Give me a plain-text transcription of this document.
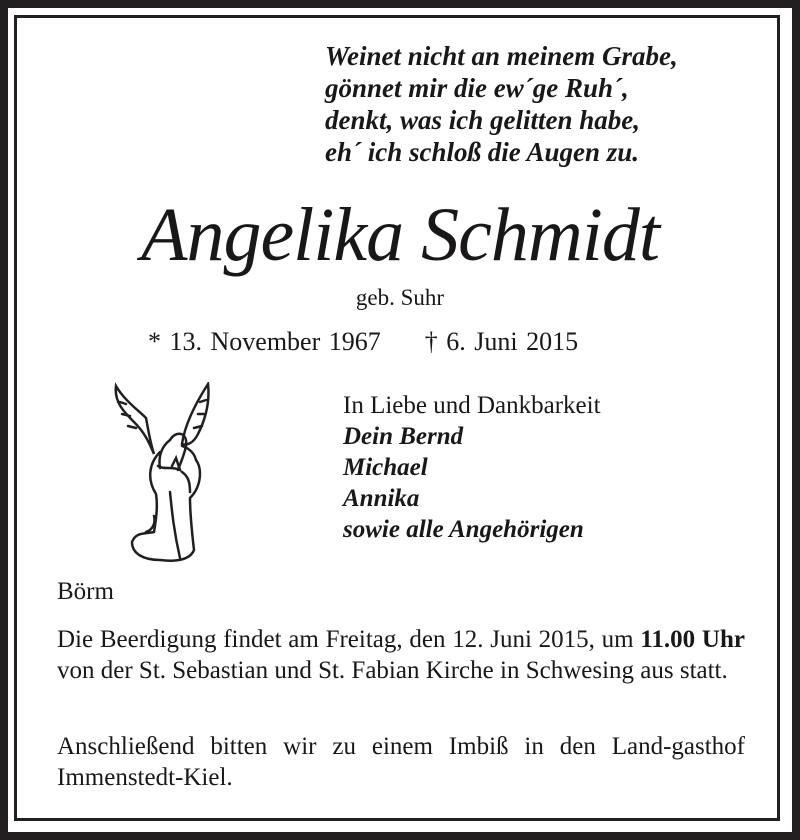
Weinet nicht an meinem Grabe,
gönnet mir die ew´ge Ruh´,
denkt, was ich gelitten habe,
eh´ ich schloß die Augen zu.
Angelika Schmidt
geb. Suhr
* 13. November 1967 † 6. Juni 2015
In Liebe und Dankbarkeit
Dein Bernd
Michael
Annika
sowie alle Angehörigen
Börm
Die Beerdigung findet am Freitag, den 12. Juni 2015, um 11.00 Uhr von der St. Sebastian und St. Fabian Kirche in Schwesing aus statt.
Anschließend bitten wir zu einem Imbiß in den Land-gasthof Immenstedt-Kiel.
